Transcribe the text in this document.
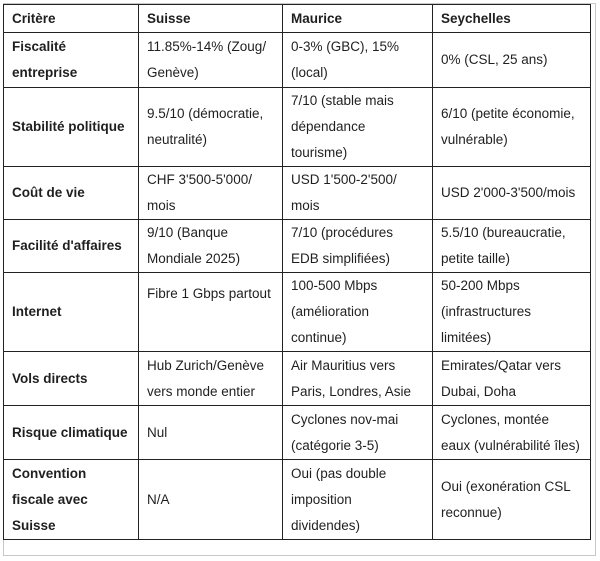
Critère	Suisse	Maurice	Seychelles
Fiscalité entreprise	11.85%-14% (Zoug/ Genève)	0-3% (GBC), 15% (local)	0% (CSL, 25 ans)
Stabilité politique	9.5/10 (démocratie, neutralité)	7/10 (stable mais dépendance tourisme)	6/10 (petite économie, vulnérable)
Coût de vie	CHF 3'500-5'000/ mois	USD 1'500-2'500/ mois	USD 2'000-3'500/mois
Facilité d'affaires	9/10 (Banque Mondiale 2025)	7/10 (procédures EDB simplifiées)	5.5/10 (bureaucratie, petite taille)
Internet	Fibre 1 Gbps partout	100-500 Mbps (amélioration continue)	50-200 Mbps (infrastructures limitées)
Vols directs	Hub Zurich/Genève vers monde entier	Air Mauritius vers Paris, Londres, Asie	Emirates/Qatar vers Dubai, Doha
Risque climatique	Nul	Cyclones nov-mai (catégorie 3-5)	Cyclones, montée eaux (vulnérabilité îles)
Convention fiscale avec Suisse	N/A	Oui (pas double imposition dividendes)	Oui (exonération CSL reconnue)
